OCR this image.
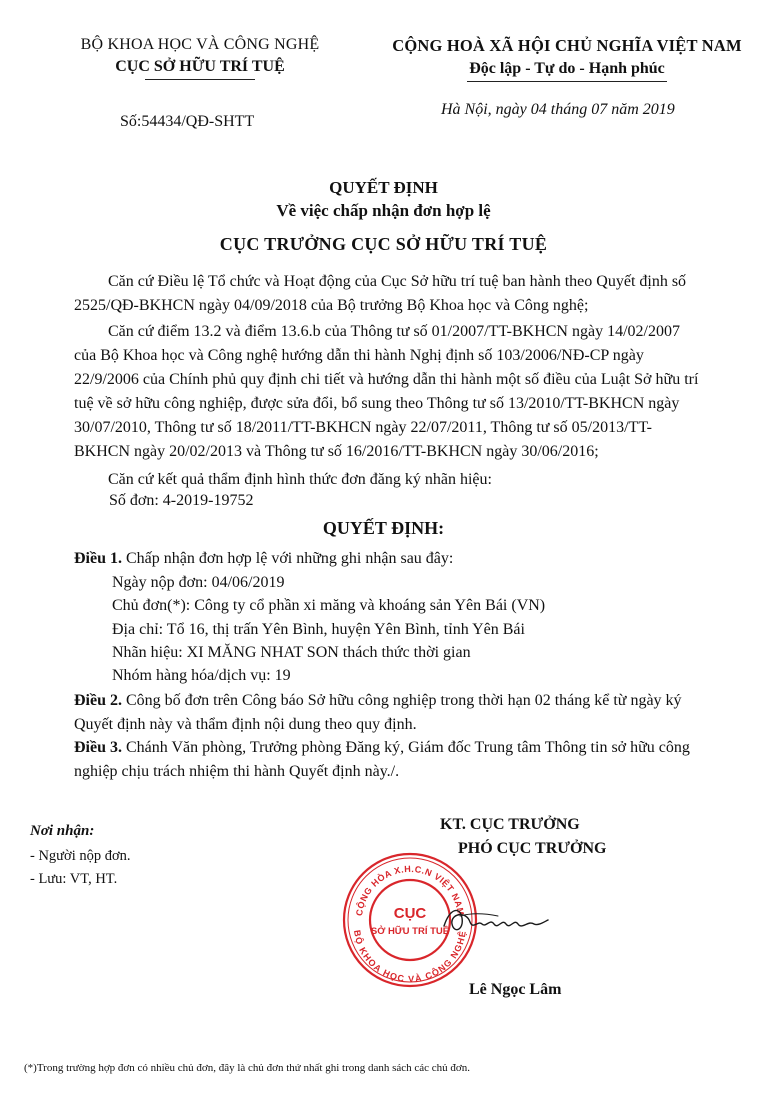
BỘ KHOA HỌC VÀ CÔNG NGHỆ
CỤC SỞ HỮU TRÍ TUỆ
Số:54434/QĐ-SHTT
CỘNG HOÀ XÃ HỘI CHỦ NGHĨA VIỆT NAM
Độc lập - Tự do - Hạnh phúc
Hà Nội, ngày 04 tháng 07 năm 2019
QUYẾT ĐỊNH
Về việc chấp nhận đơn hợp lệ
CỤC TRƯỞNG CỤC SỞ HỮU TRÍ TUỆ
Căn cứ Điều lệ Tổ chức và Hoạt động của Cục Sở hữu trí tuệ ban hành theo Quyết định số 2525/QĐ-BKHCN ngày 04/09/2018 của Bộ trưởng Bộ Khoa học và Công nghệ;
Căn cứ điểm 13.2 và điểm 13.6.b của Thông tư số 01/2007/TT-BKHCN ngày 14/02/2007 của Bộ Khoa học và Công nghệ hướng dẫn thi hành Nghị định số 103/2006/NĐ-CP ngày 22/9/2006 của Chính phủ quy định chi tiết và hướng dẫn thi hành một số điều của Luật Sở hữu trí tuệ về sở hữu công nghiệp, được sửa đổi, bổ sung theo Thông tư số 13/2010/TT-BKHCN ngày 30/07/2010, Thông tư số 18/2011/TT-BKHCN ngày 22/07/2011, Thông tư số 05/2013/TT-BKHCN ngày 20/02/2013 và Thông tư số 16/2016/TT-BKHCN ngày 30/06/2016;
Căn cứ kết quả thẩm định hình thức đơn đăng ký nhãn hiệu:
Số đơn: 4-2019-19752
QUYẾT ĐỊNH:
Điều 1. Chấp nhận đơn hợp lệ với những ghi nhận sau đây:
Ngày nộp đơn: 04/06/2019
Chủ đơn(*): Công ty cổ phần xi măng và khoáng sản Yên Bái (VN)
Địa chỉ: Tổ 16, thị trấn Yên Bình, huyện Yên Bình, tỉnh Yên Bái
Nhãn hiệu: XI MĂNG NHAT SON thách thức thời gian
Nhóm hàng hóa/dịch vụ: 19
Điều 2. Công bố đơn trên Công báo Sở hữu công nghiệp trong thời hạn 02 tháng kể từ ngày ký Quyết định này và thẩm định nội dung theo quy định.
Điều 3. Chánh Văn phòng, Trưởng phòng Đăng ký, Giám đốc Trung tâm Thông tin sở hữu công nghiệp chịu trách nhiệm thi hành Quyết định này./.
Nơi nhận:
- Người nộp đơn.
- Lưu: VT, HT.
KT. CỤC TRƯỞNG
PHÓ CỤC TRƯỞNG
CỘNG HÒA X.H.C.N VIỆT NAM
BỘ KHOA HỌC VÀ CÔNG NGHỆ
CỤC
SỞ HỮU TRÍ TUỆ
Lê Ngọc Lâm
(*)Trong trường hợp đơn có nhiều chủ đơn, đây là chủ đơn thứ nhất ghi trong danh sách các chủ đơn.
